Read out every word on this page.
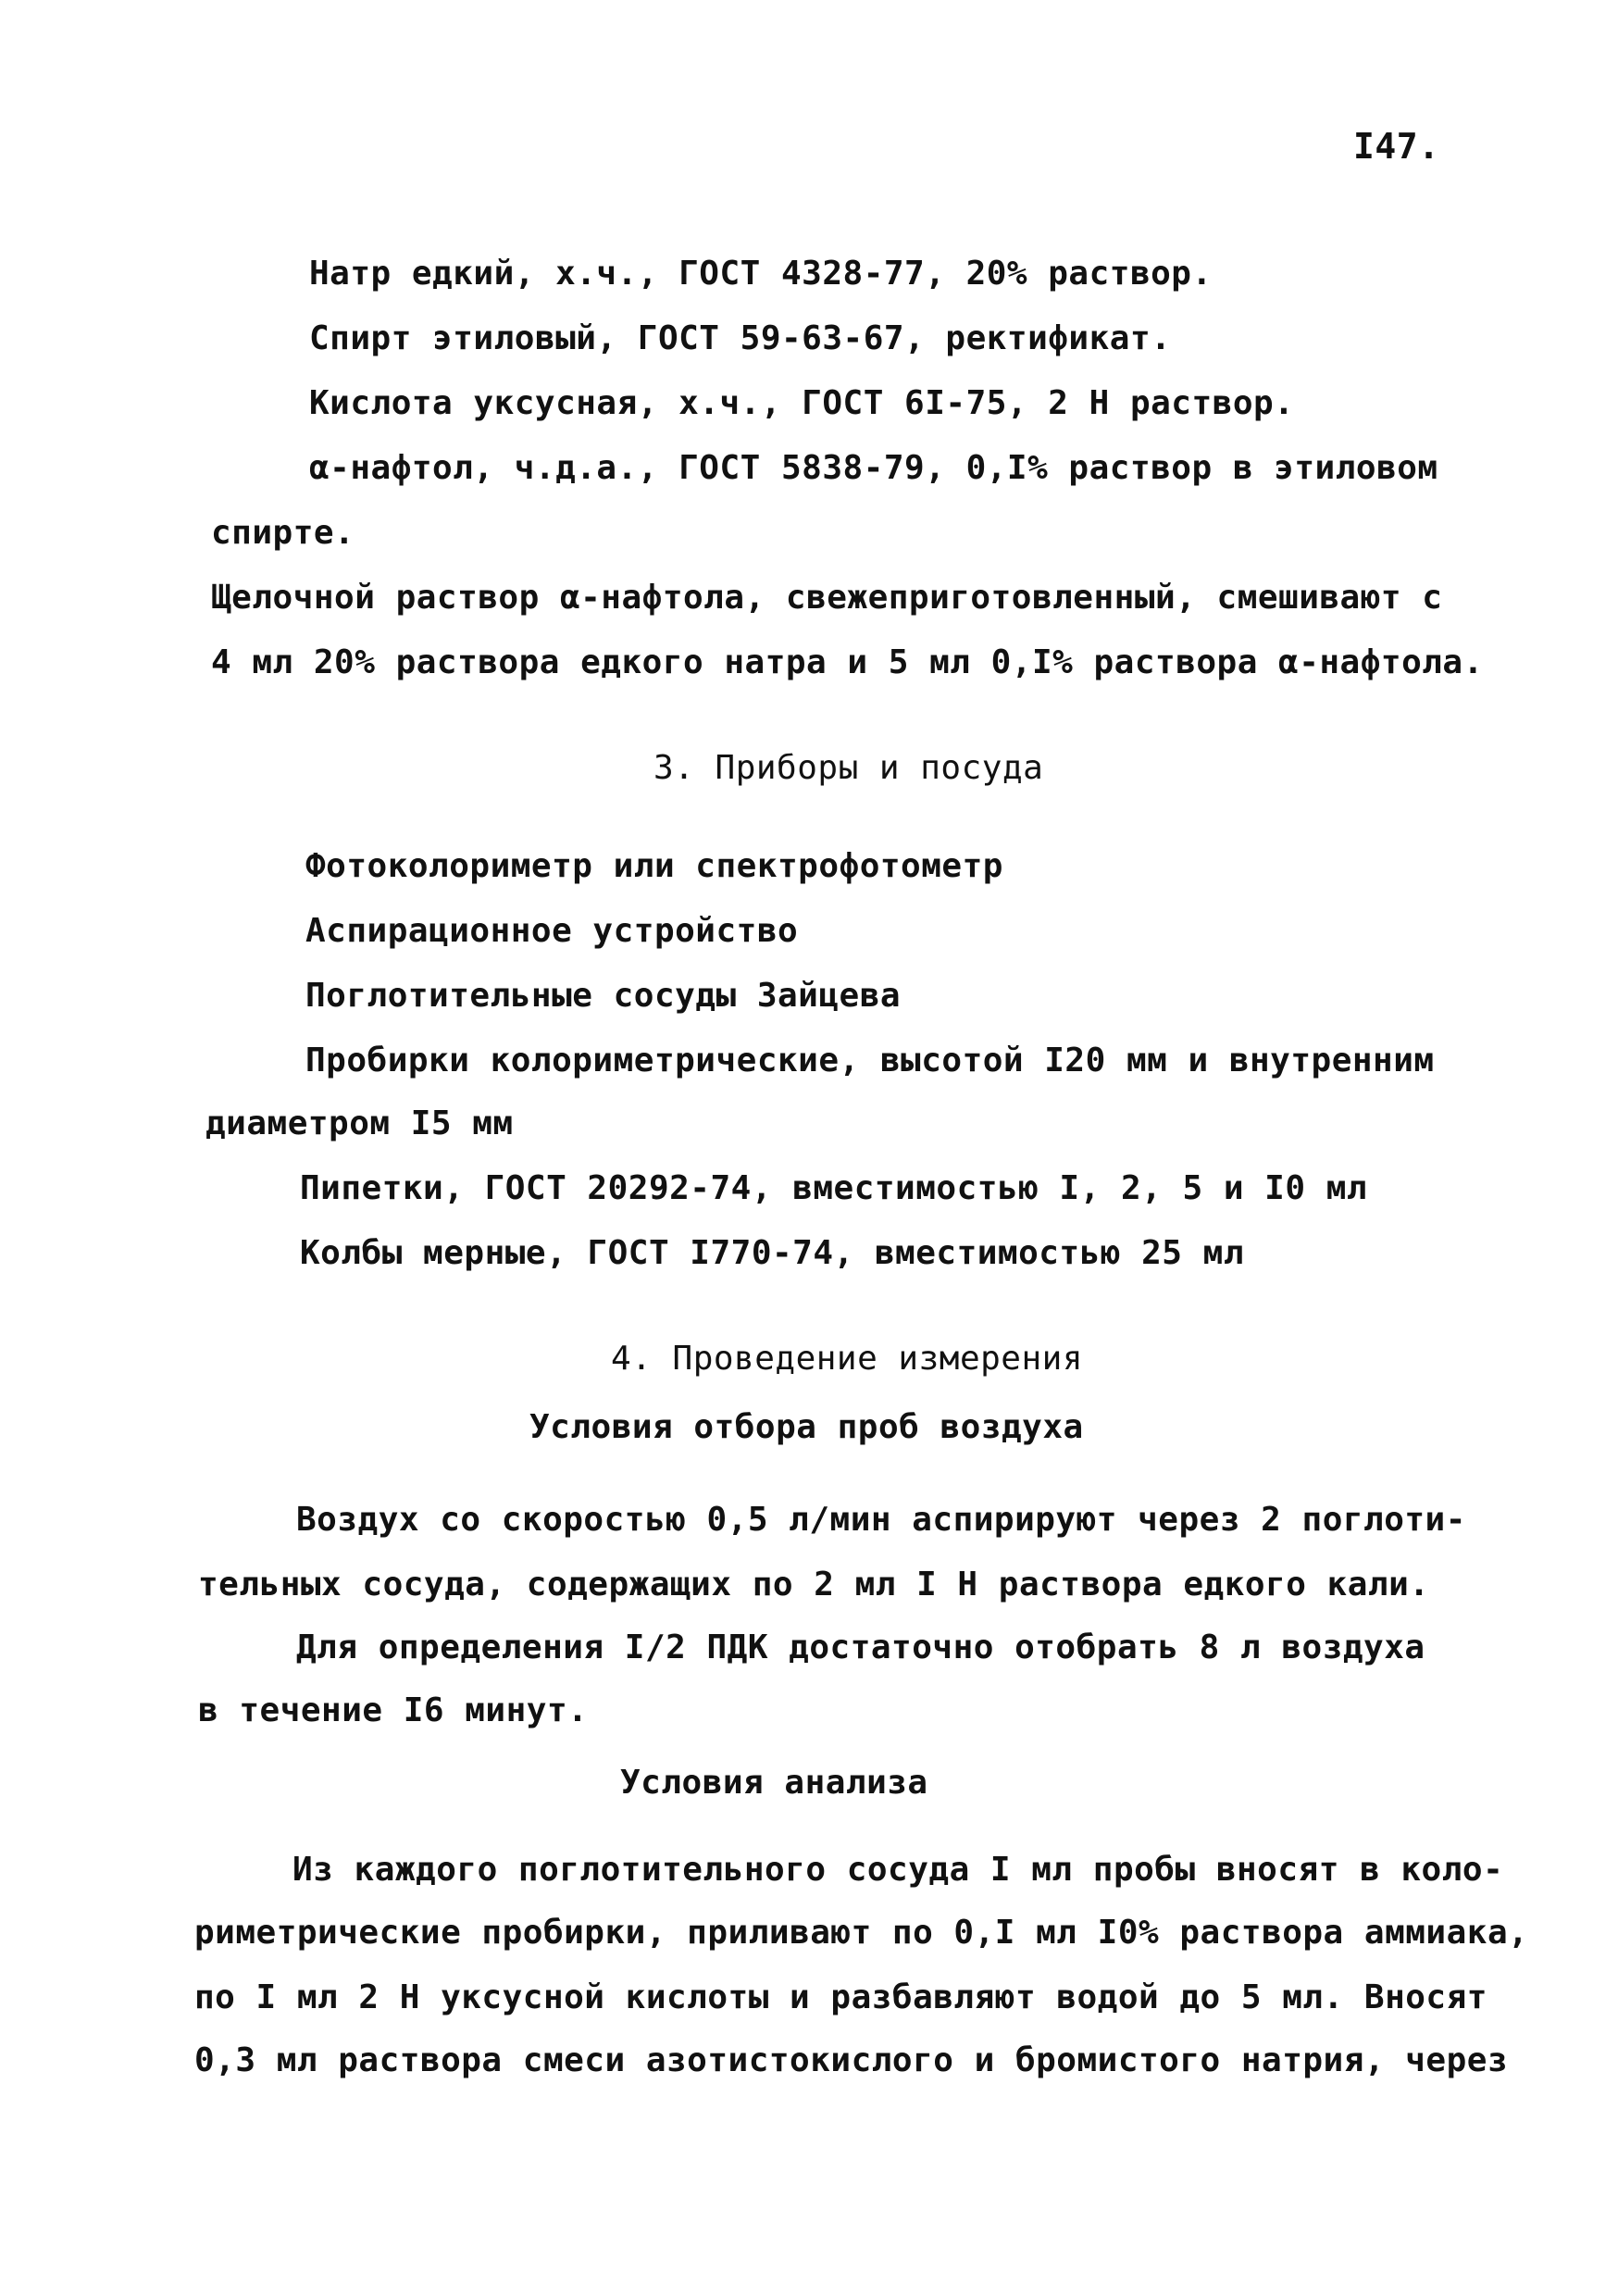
I47.
Натр едкий, х.ч., ГОСТ 4328-77, 20% раствор.
Спирт этиловый, ГОСТ 59-63-67, ректификат.
Кислота уксусная, х.ч., ГОСТ 6I-75, 2 Н раствор.
α-нафтол, ч.д.а., ГОСТ 5838-79, 0,I% раствор в этиловом
спирте.
Щелочной раствор α-нафтола, свежеприготовленный, смешивают с
4 мл 20% раствора едкого натра и 5 мл 0,I% раствора α-нафтола.
3. Приборы и посуда
Фотоколориметр или спектрофотометр
Аспирационное устройство
Поглотительные сосуды Зайцева
Пробирки колориметрические, высотой I20 мм и внутренним
диаметром I5 мм
Пипетки, ГОСТ 20292-74, вместимостью I, 2, 5 и I0 мл
Колбы мерные, ГОСТ I770-74, вместимостью 25 мл
4. Проведение измерения
Условия отбора проб воздуха
Воздух со скоростью 0,5 л/мин аспирируют через 2 поглоти-
тельных сосуда, содержащих по 2 мл I Н раствора едкого кали.
Для определения I/2 ПДК достаточно отобрать 8 л воздуха
в течение I6 минут.
Условия анализа
Из каждого поглотительного сосуда I мл пробы вносят в коло-
риметрические пробирки, приливают по 0,I мл I0% раствора аммиака,
по I мл 2 Н уксусной кислоты и разбавляют водой до 5 мл. Вносят
0,3 мл раствора смеси азотистокислого и бромистого натрия, через
